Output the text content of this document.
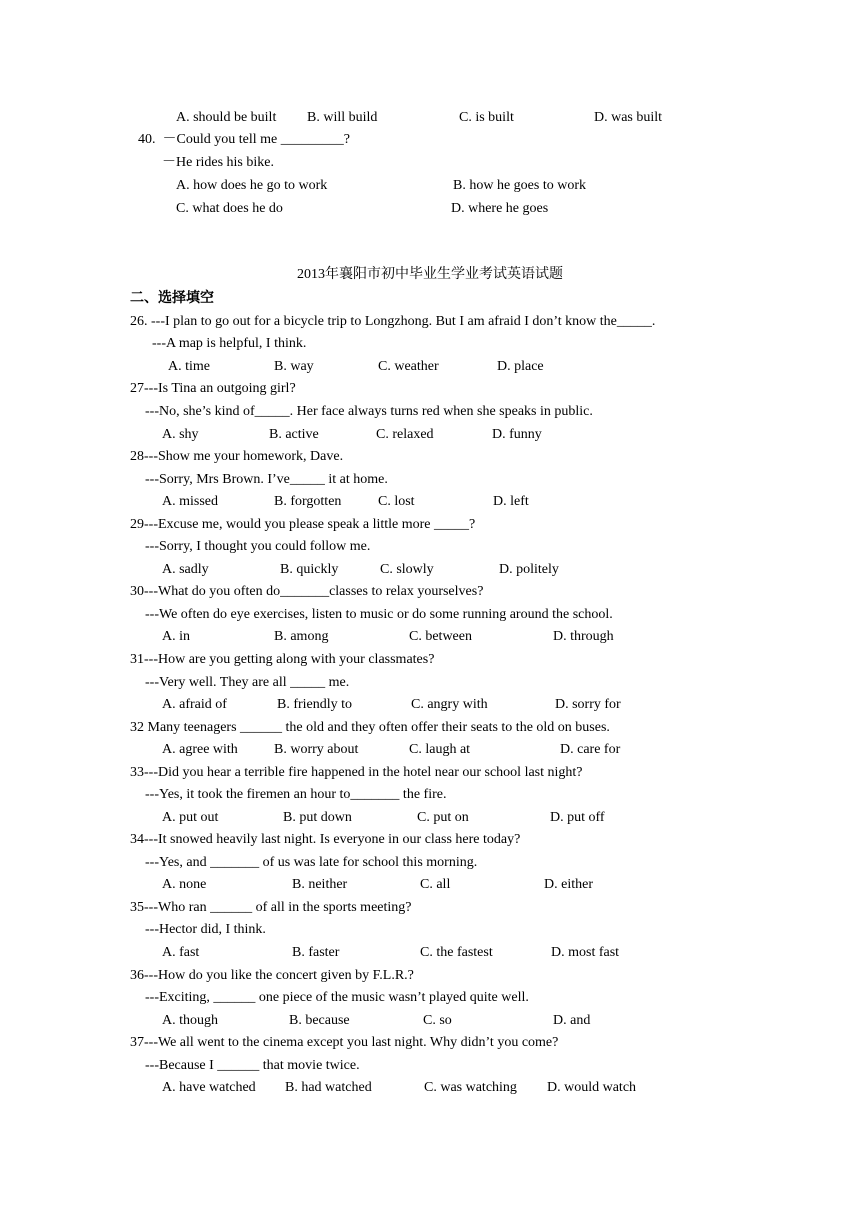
A. should be built B. will build	C. is built	D. was built
40.  －Could you tell me _________?
－He rides his bike.
A. how does he go to work	B. how he goes to work
C. what does he do	D. where he goes
2013年襄阳市初中毕业生学业考试英语试题
二、选择填空
26. ---I plan to go out for a bicycle trip to Longzhong. But I am afraid I don’t know the_____.
---A map is helpful, I think.
A. time	B. way	C. weather	D. place
27---Is Tina an outgoing girl?
---No, she’s kind of_____. Her face always turns red when she speaks in public.
A. shy	B. active	C. relaxed	D. funny
28---Show me your homework, Dave.
---Sorry, Mrs Brown. I’ve_____ it at home.
A. missed	B. forgotten	C. lost	D. left
29---Excuse me, would you please speak a little more _____?
---Sorry, I thought you could follow me.
A. sadly	B. quickly	C. slowly	D. politely
30---What do you often do_______classes to relax yourselves?
---We often do eye exercises, listen to music or do some running around the school.
A. in	B. among	C. between	D. through
31---How are you getting along with your classmates?
---Very well. They are all _____ me.
A. afraid of	B. friendly to	C. angry with	D. sorry for
32 Many teenagers ______ the old and they often offer their seats to the old on buses.
A. agree with	B. worry about	C. laugh at	D. care for
33---Did you hear a terrible fire happened in the hotel near our school last night?
---Yes, it took the firemen an hour to_______ the fire.
A. put out	B. put down	C. put on	D. put off
34---It snowed heavily last night. Is everyone in our class here today?
---Yes, and _______ of us was late for school this morning.
A. none	B. neither	C. all	D. either
35---Who ran ______ of all in the sports meeting?
---Hector did, I think.
A. fast	B. faster	C. the fastest	D. most fast
36---How do you like the concert given by F.L.R.?
---Exciting, ______ one piece of the music wasn’t played quite well.
A. though	B. because	C. so	D. and
37---We all went to the cinema except you last night. Why didn’t you come?
---Because I ______ that movie twice.
A. have watched B. had watched	C. was watching D. would watch
